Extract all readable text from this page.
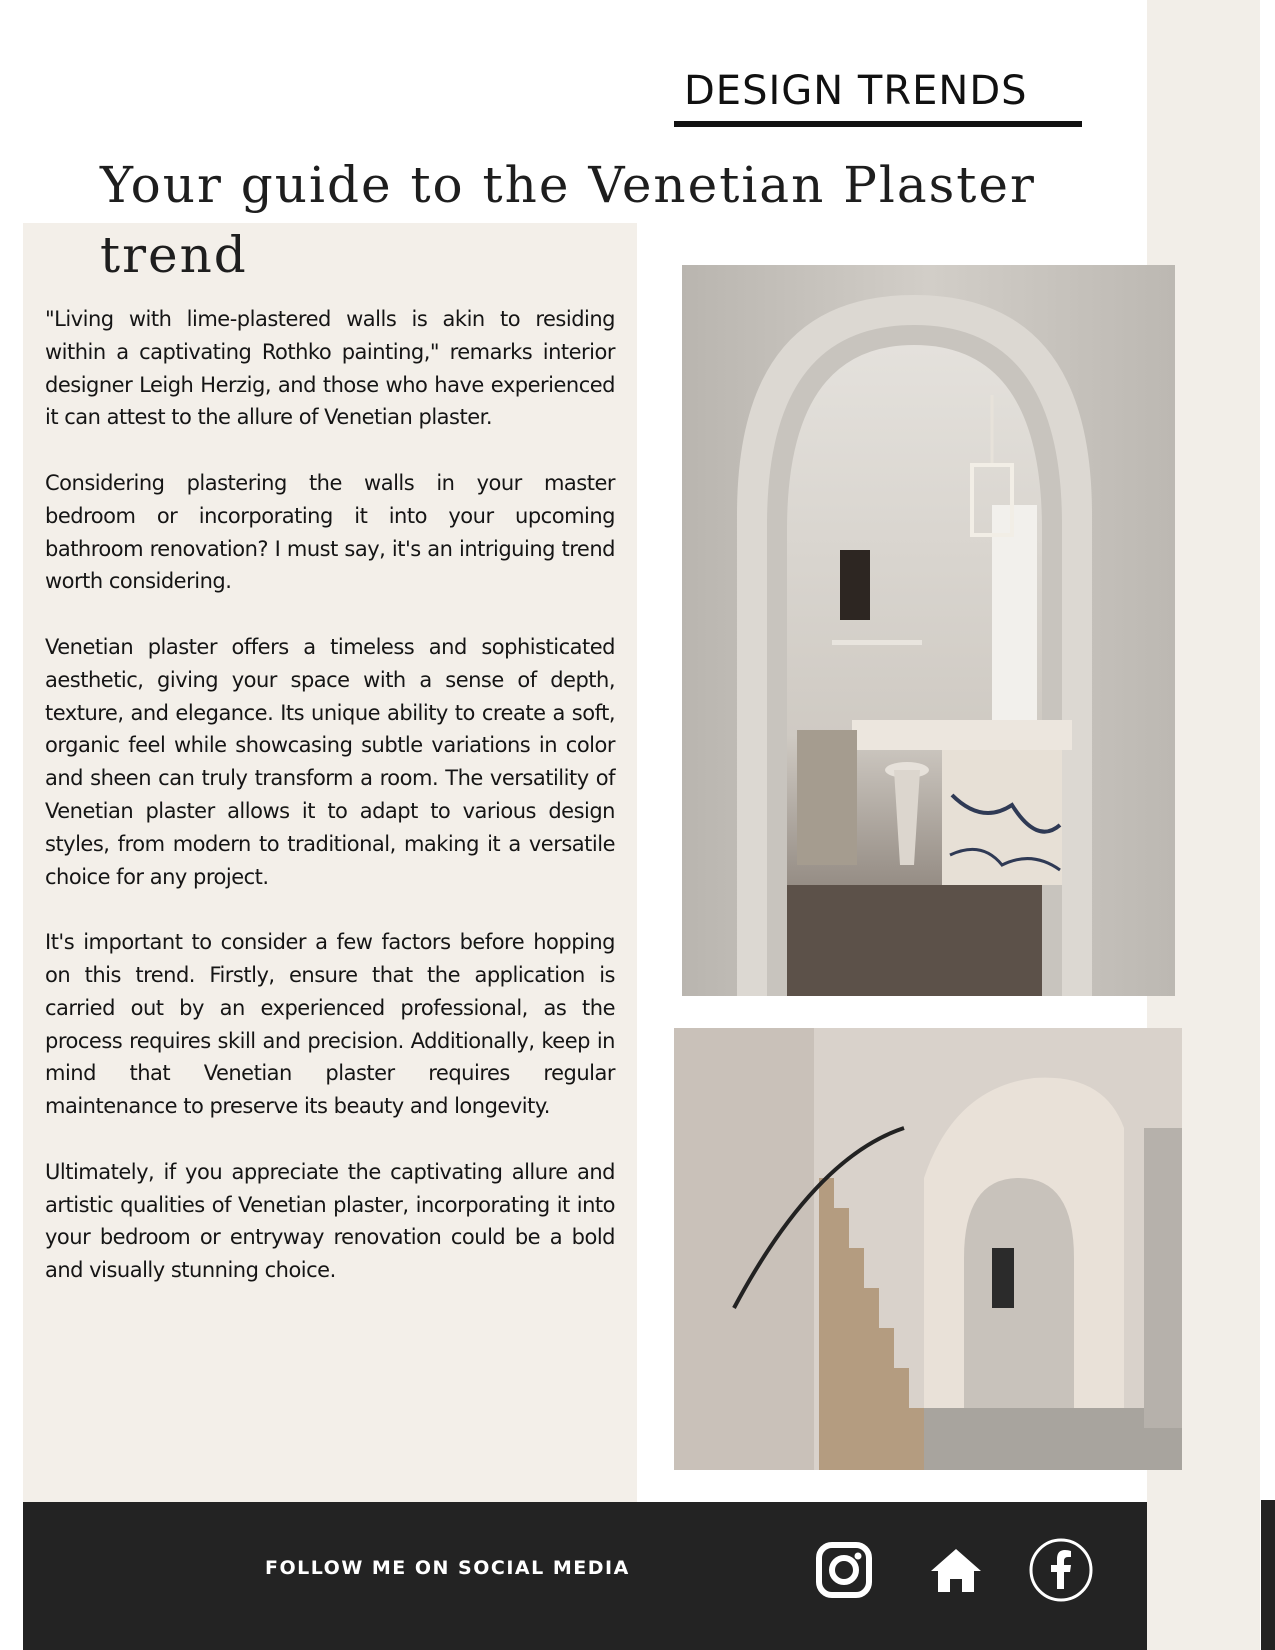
DESIGN TRENDS
Your guide to the Venetian Plaster trend

"Living with lime-plastered walls is akin to residing within a captivating Rothko painting," remarks interior designer Leigh Herzig, and those who have experienced it can attest to the allure of Venetian plaster.

Considering plastering the walls in your master bedroom or incorporating it into your upcoming bathroom renovation? I must say, it's an intriguing trend worth considering.

Venetian plaster offers a timeless and sophisticated aesthetic, giving your space with a sense of depth, texture, and elegance. Its unique ability to create a soft, organic feel while showcasing subtle variations in color and sheen can truly transform a room. The versatility of Venetian plaster allows it to adapt to various design styles, from modern to traditional, making it a versatile choice for any project.

It's important to consider a few factors before hopping on this trend. Firstly, ensure that the application is carried out by an experienced professional, as the process requires skill and precision. Additionally, keep in mind that Venetian plaster requires regular maintenance to preserve its beauty and longevity.

Ultimately, if you appreciate the captivating allure and artistic qualities of Venetian plaster, incorporating it into your bedroom or entryway renovation could be a bold and visually stunning choice.

FOLLOW ME ON SOCIAL MEDIA
